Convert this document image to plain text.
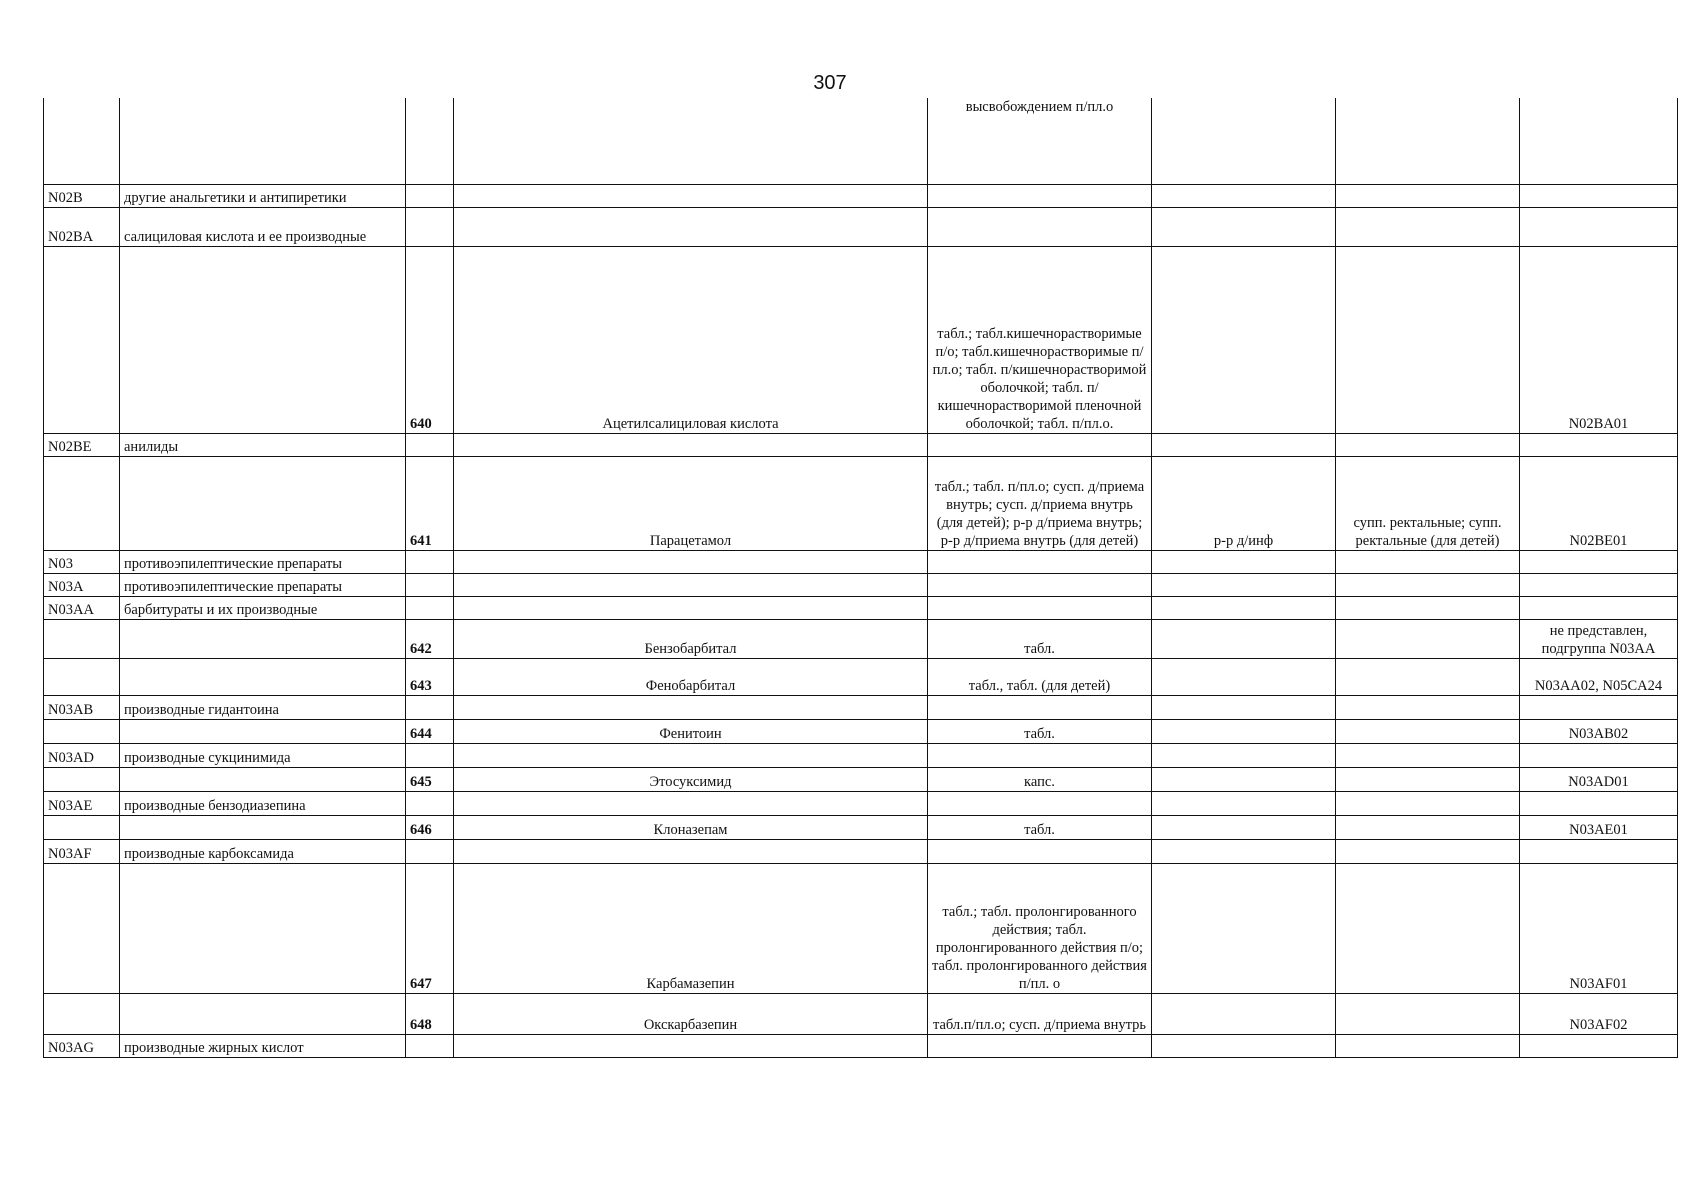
307
				высвобождением п/пл.о			
N02B	другие анальгетики и антипиретики						
N02BA	салициловая кислота и ее производные						
		640	Ацетилсалициловая кислота	табл.; табл.кишечнорастворимые п/о; табл.кишечнорастворимые п/пл.о; табл. п/кишечнорастворимой оболочкой; табл. п/кишечнорастворимой пленочной оболочкой; табл. п/пл.о.			N02BA01
N02BE	анилиды						
		641	Парацетамол	табл.; табл. п/пл.о; сусп. д/приема внутрь; сусп. д/приема внутрь (для детей); р-р д/приема внутрь; р-р д/приема внутрь (для детей)	р-р д/инф	супп. ректальные; супп. ректальные (для детей)	N02BE01
N03	противоэпилептические препараты						
N03A	противоэпилептические препараты						
N03AA	барбитураты и их производные						
		642	Бензобарбитал	табл.			не представлен, подгруппа N03AA
		643	Фенобарбитал	табл., табл. (для детей)			N03AA02, N05CA24
N03AB	производные гидантоина						
		644	Фенитоин	табл.			N03AB02
N03AD	производные сукцинимида						
		645	Этосуксимид	капс.			N03AD01
N03AE	производные бензодиазепина						
		646	Клоназепам	табл.			N03AE01
N03AF	производные карбоксамида						
		647	Карбамазепин	табл.; табл. пролонгированного действия; табл. пролонгированного действия п/о; табл. пролонгированного действия п/пл. о			N03AF01
		648	Окскарбазепин	табл.п/пл.о; сусп. д/приема внутрь			N03AF02
N03AG	производные жирных кислот						
